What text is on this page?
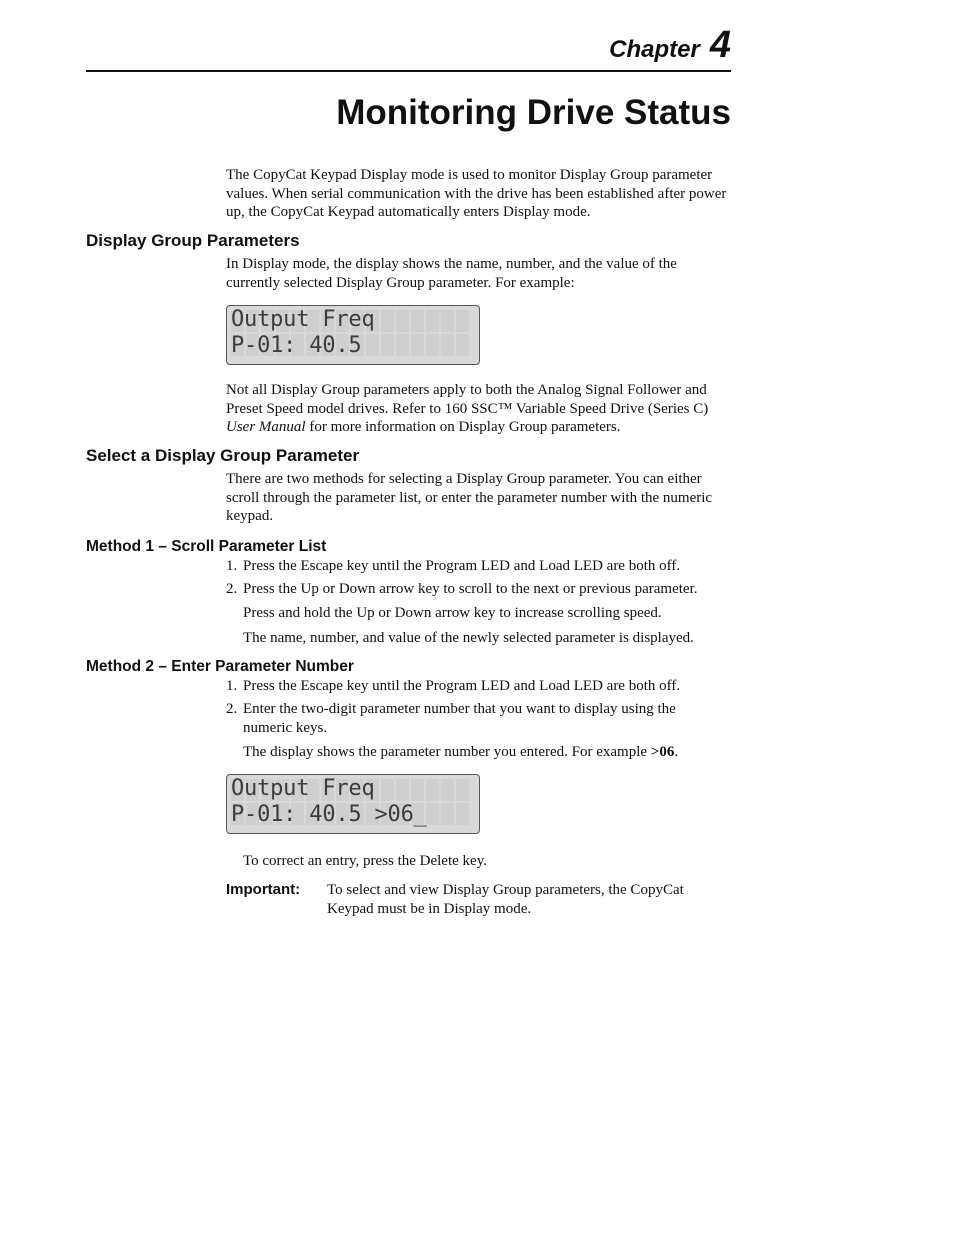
Chapter 4
Monitoring Drive Status

The CopyCat Keypad Display mode is used to monitor Display Group parameter values. When serial communication with the drive has been established after power up, the CopyCat Keypad automatically enters Display mode.

Display Group Parameters

In Display mode, the display shows the name, number, and the value of the currently selected Display Group parameter. For example:

Output Freq
P-01: 40.5

Not all Display Group parameters apply to both the Analog Signal Follower and Preset Speed model drives. Refer to 160 SSC™ Variable Speed Drive (Series C) User Manual for more information on Display Group parameters.

Select a Display Group Parameter

There are two methods for selecting a Display Group parameter. You can either scroll through the parameter list, or enter the parameter number with the numeric keypad.

Method 1 – Scroll Parameter List
1. Press the Escape key until the Program LED and Load LED are both off.
2. Press the Up or Down arrow key to scroll to the next or previous parameter.

Press and hold the Up or Down arrow key to increase scrolling speed.

The name, number, and value of the newly selected parameter is displayed.

Method 2 – Enter Parameter Number
1. Press the Escape key until the Program LED and Load LED are both off.
2. Enter the two-digit parameter number that you want to display using the numeric keys.

The display shows the parameter number you entered. For example >06.

Output Freq
P-01: 40.5 >06_

To correct an entry, press the Delete key.

Important: To select and view Display Group parameters, the CopyCat Keypad must be in Display mode.
